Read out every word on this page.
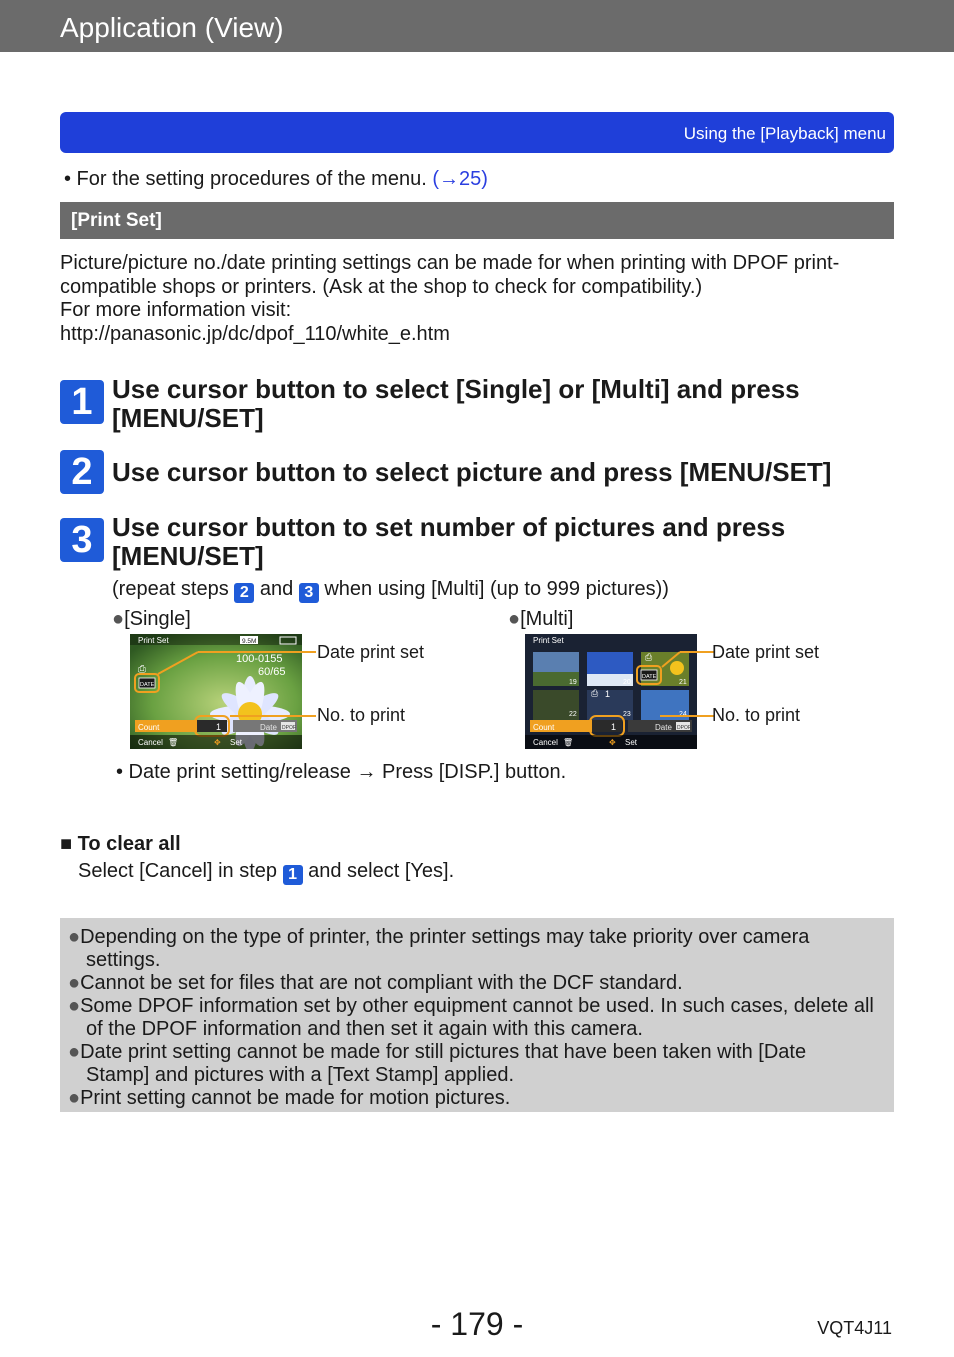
Application (View)
Using the [Playback] menu
• For the setting procedures of the menu. (→25)
[Print Set]
Picture/picture no./date printing settings can be made for when printing with DPOF print-compatible shops or printers. (Ask at the shop to check for compatibility.)
For more information visit:
http://panasonic.jp/dc/dpof_110/white_e.htm
1 Use cursor button to select [Single] or [Multi] and press [MENU/SET]
2 Use cursor button to select picture and press [MENU/SET]
3 Use cursor button to set number of pictures and press [MENU/SET]
(repeat steps 2 and 3 when using [Multi] (up to 999 pictures))
●[Single]	●[Multi]
Print Set	9.5M
100-0155
60/65
⎙
DATE
Count	1	Date DPOF
Cancel 🗑	✥ Set
Date print set
No. to print
Print Set
19	20	21
22	23	24
⎙ 1
⎙
DATE
Count	1	Date DPOF
Cancel 🗑	✥ Set
Date print set
No. to print
• Date print setting/release → Press [DISP.] button.
■ To clear all
Select [Cancel] in step 1 and select [Yes].
●Depending on the type of printer, the printer settings may take priority over camera settings.
●Cannot be set for files that are not compliant with the DCF standard.
●Some DPOF information set by other equipment cannot be used. In such cases, delete all of the DPOF information and then set it again with this camera.
●Date print setting cannot be made for still pictures that have been taken with [Date Stamp] and pictures with a [Text Stamp] applied.
●Print setting cannot be made for motion pictures.
- 179 -	VQT4J11
